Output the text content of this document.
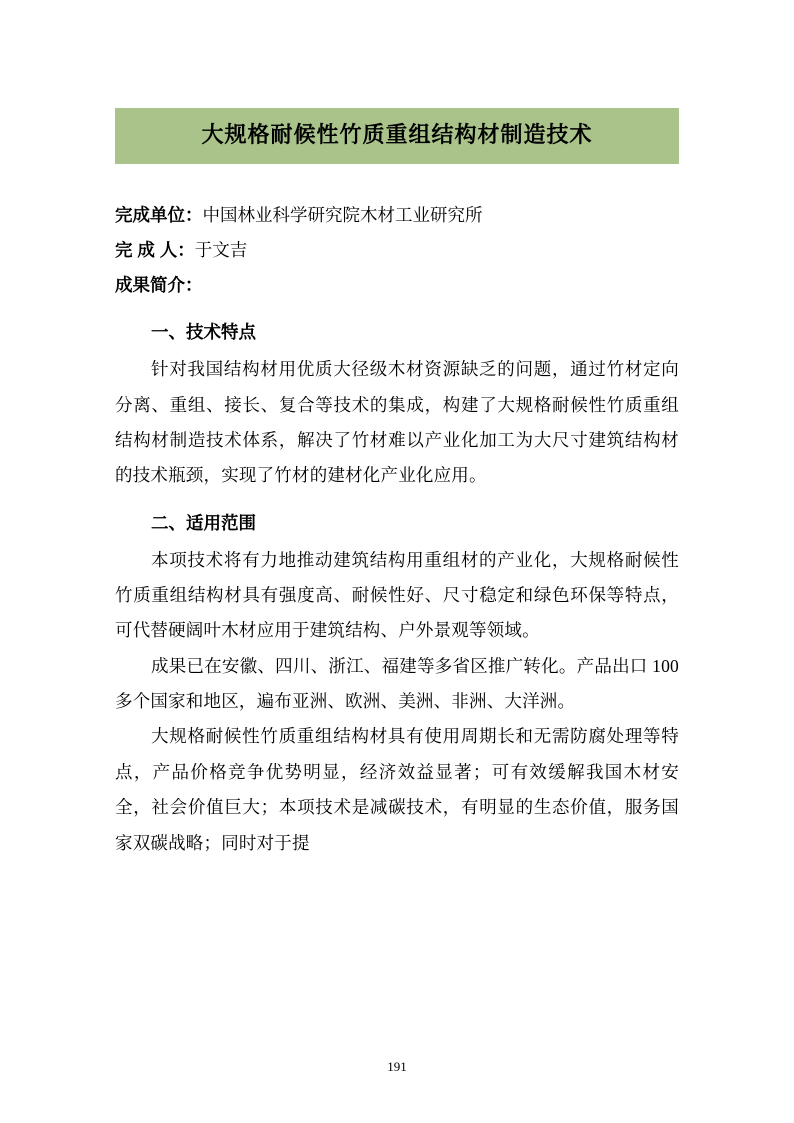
大规格耐候性竹质重组结构材制造技术
完成单位：中国林业科学研究院木材工业研究所
完 成 人：于文吉
成果简介：
一、技术特点

针对我国结构材用优质大径级木材资源缺乏的问题，通过竹材定向分离、重组、接长、复合等技术的集成，构建了大规格耐候性竹质重组结构材制造技术体系，解决了竹材难以产业化加工为大尺寸建筑结构材的技术瓶颈，实现了竹材的建材化产业化应用。

二、适用范围

本项技术将有力地推动建筑结构用重组材的产业化，大规格耐候性竹质重组结构材具有强度高、耐候性好、尺寸稳定和绿色环保等特点，可代替硬阔叶木材应用于建筑结构、户外景观等领域。

成果已在安徽、四川、浙江、福建等多省区推广转化。产品出口 100 多个国家和地区，遍布亚洲、欧洲、美洲、非洲、大洋洲。

大规格耐候性竹质重组结构材具有使用周期长和无需防腐处理等特点，产品价格竞争优势明显，经济效益显著；可有效缓解我国木材安全，社会价值巨大；本项技术是减碳技术，有明显的生态价值，服务国家双碳战略；同时对于提

191
